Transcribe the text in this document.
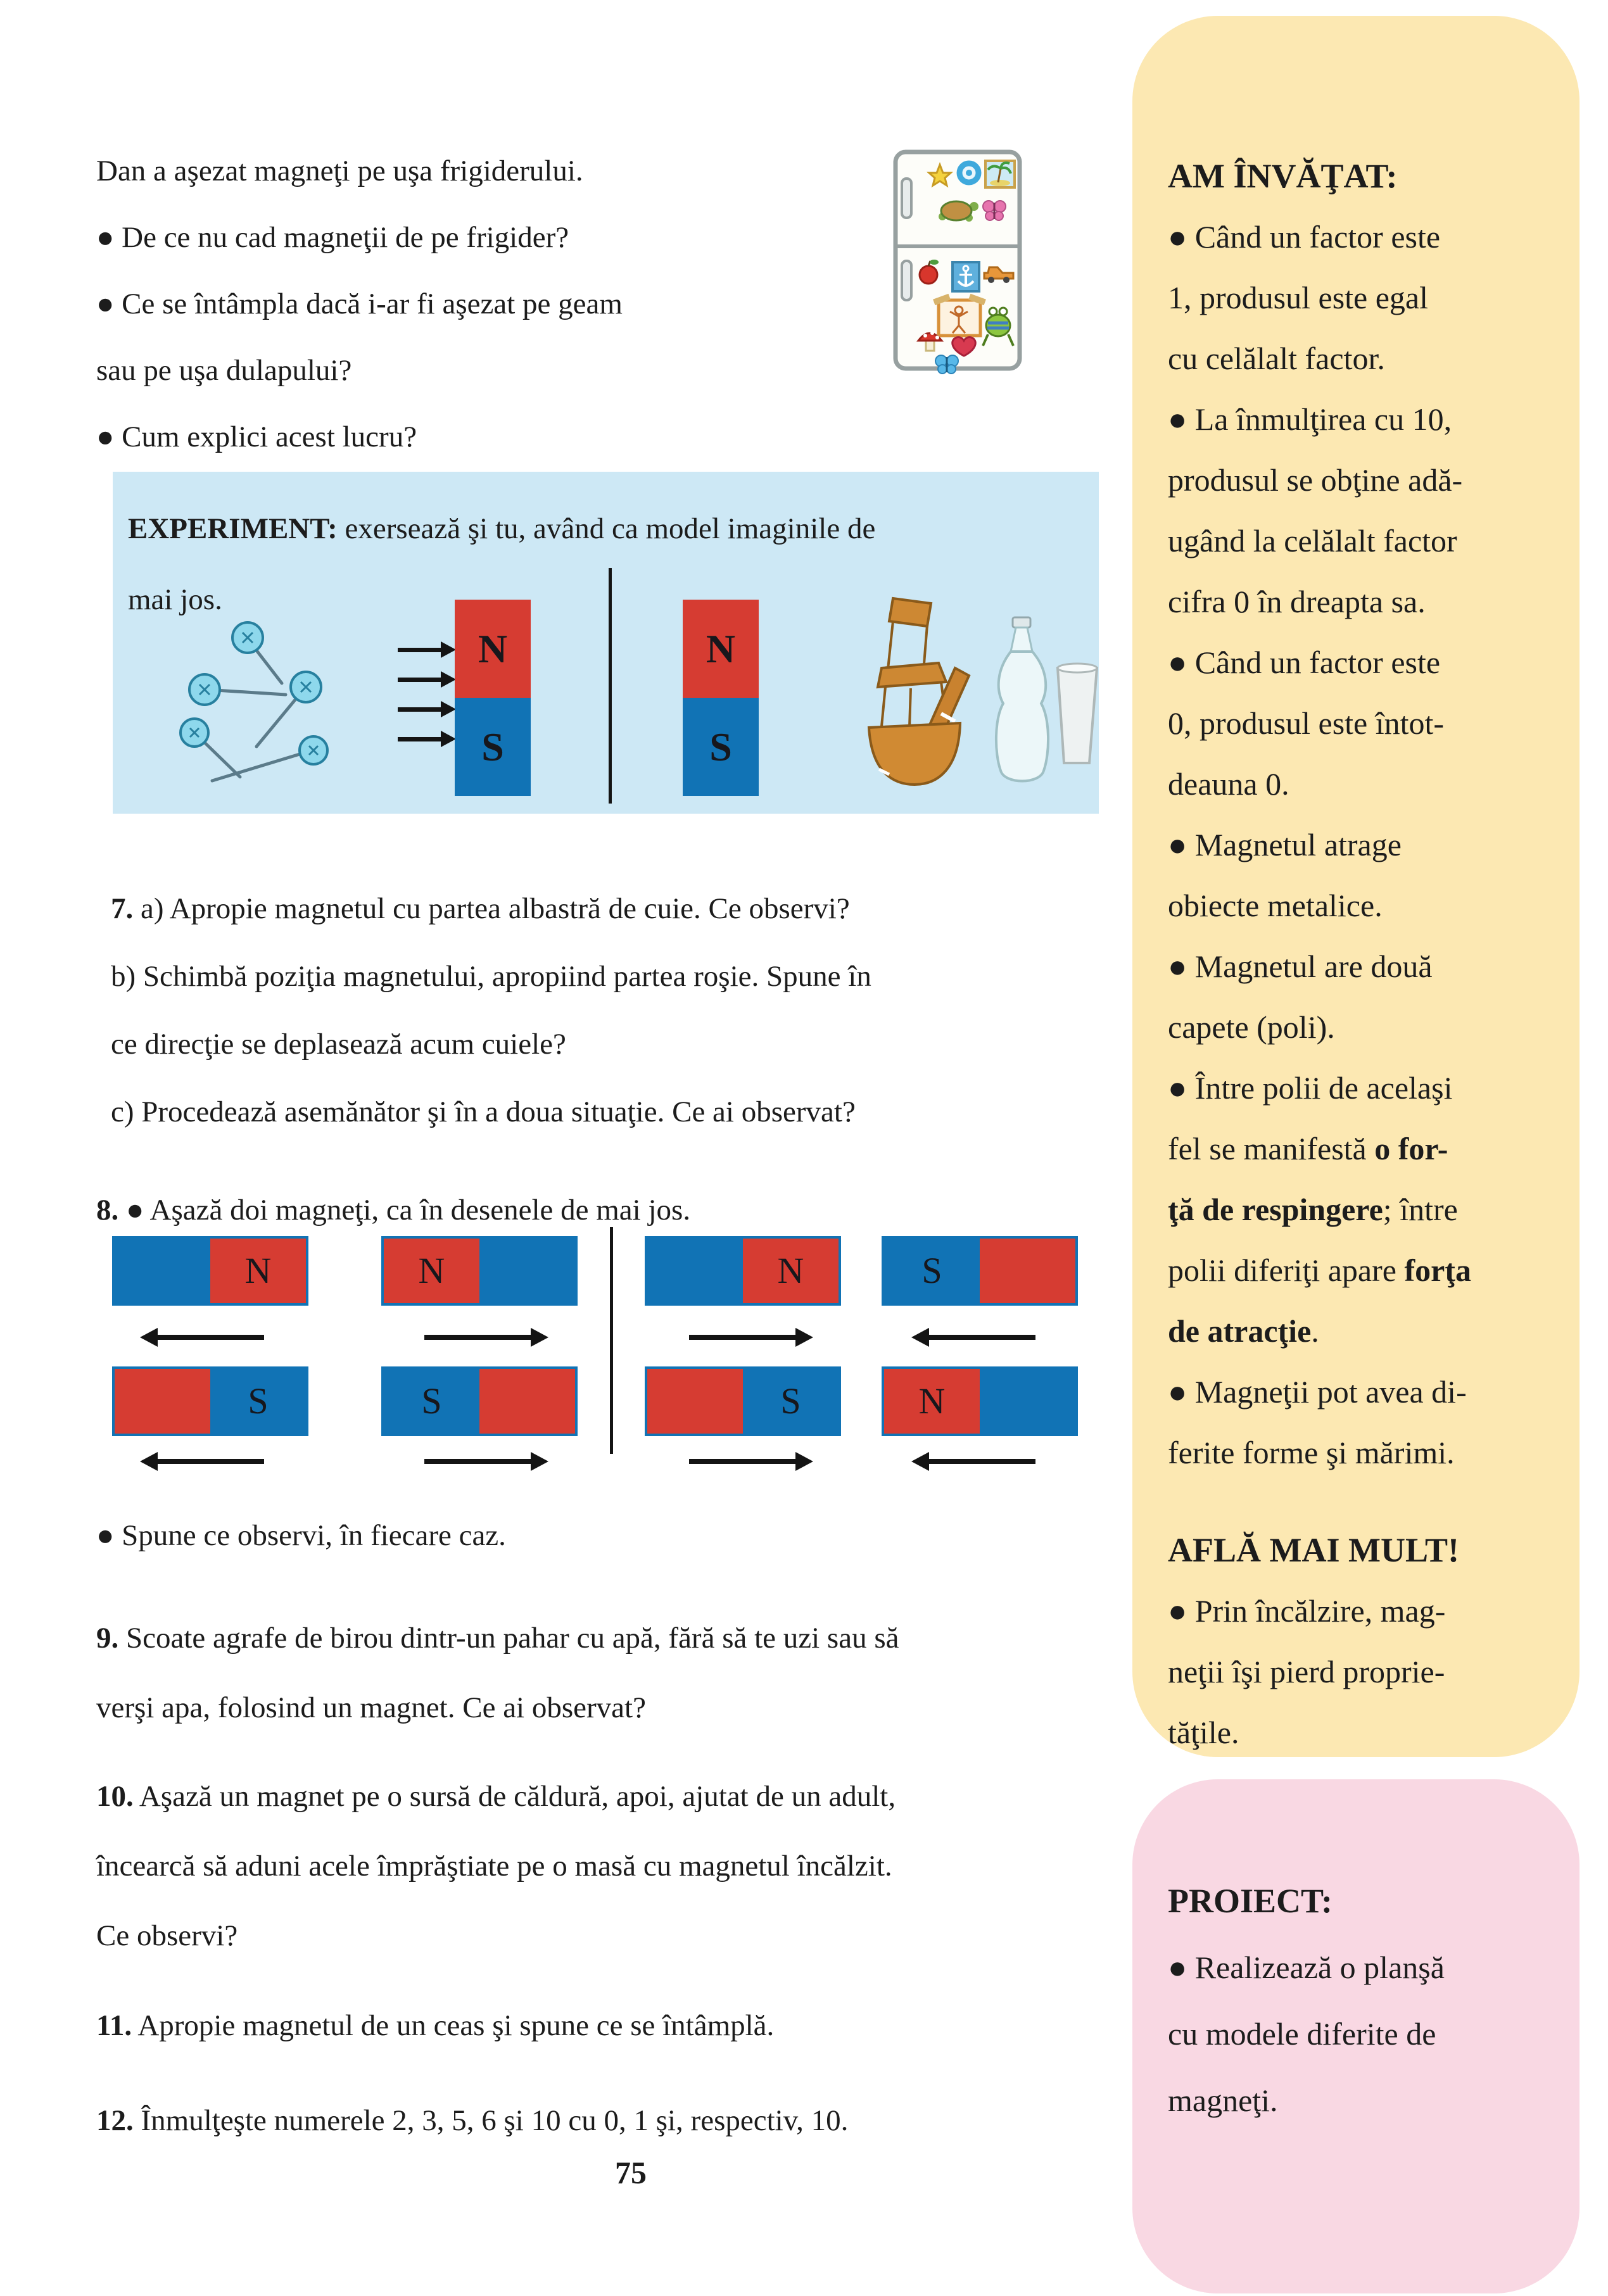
Dan a aşezat magneţi pe uşa frigiderului.
● De ce nu cad magneţii de pe frigider?
● Ce se întâmpla dacă i-ar fi aşezat pe geam
sau pe uşa dulapului?
● Cum explici acest lucru?
EXPERIMENT: exersează şi tu, având ca model imaginile de
mai jos.
N
S
N
S
7. a) Apropie magnetul cu partea albastră de cuie. Ce observi?
b) Schimbă poziţia magnetului, apropiind partea roşie. Spune în
ce direcţie se deplasează acum cuiele?
c) Procedează asemănător şi în a doua situaţie. Ce ai observat?
8. ● Aşază doi magneţi, ca în desenele de mai jos.
N	N	N	S
S	S	S	N
● Spune ce observi, în fiecare caz.
9. Scoate agrafe de birou dintr-un pahar cu apă, fără să te uzi sau să
verşi apa, folosind un magnet. Ce ai observat?
10. Aşază un magnet pe o sursă de căldură, apoi, ajutat de un adult,
încearcă să aduni acele împrăştiate pe o masă cu magnetul încălzit.
Ce observi?
11. Apropie magnetul de un ceas şi spune ce se întâmplă.
12. Înmulţeşte numerele 2, 3, 5, 6 şi 10 cu 0, 1 şi, respectiv, 10.
75
AM ÎNVĂŢAT:
● Când un factor este
1, produsul este egal
cu celălalt factor.
● La înmulţirea cu 10,
produsul se obţine adă-
ugând la celălalt factor
cifra 0 în dreapta sa.
● Când un factor este
0, produsul este întot-
deauna 0.
● Magnetul atrage
obiecte metalice.
● Magnetul are două
capete (poli).
● Între polii de acelaşi
fel se manifestă o for-
ţă de respingere; între
polii diferiţi apare forţa
de atracţie.
● Magneţii pot avea di-
ferite forme şi mărimi.
AFLĂ MAI MULT!
● Prin încălzire, mag-
neţii îşi pierd proprie-
tăţile.
PROIECT:
● Realizează o planşă
cu modele diferite de
magneţi.
